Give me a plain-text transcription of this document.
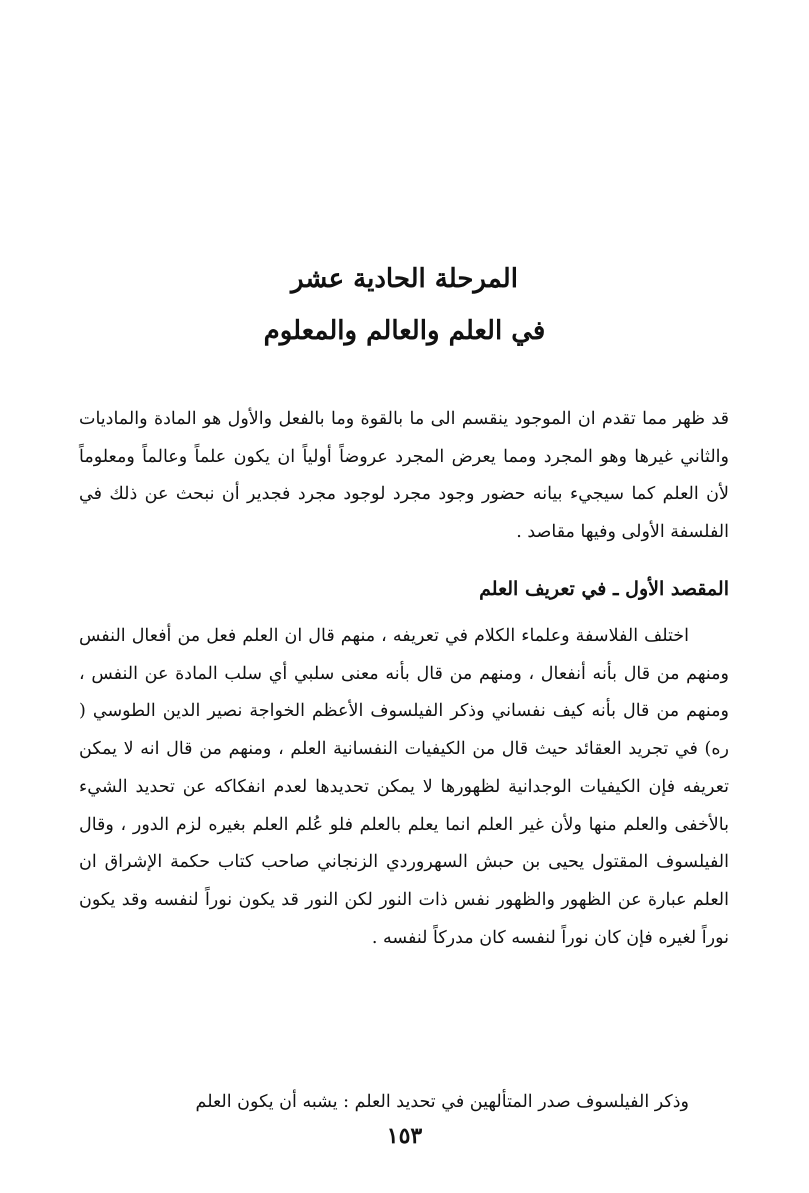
المرحلة الحادية عشر
في العلم والعالم والمعلوم

قد ظهر مما تقدم ان الموجود ينقسم الى ما بالقوة وما بالفعل والأول هو المادة والماديات والثاني غيرها وهو المجرد ومما يعرض المجرد عروضاً أولياً ان يكون علماً وعالماً ومعلوماً لأن العلم كما سيجيء بيانه حضور وجود مجرد لوجود مجرد فجدير أن نبحث عن ذلك في الفلسفة الأولى وفيها مقاصد .

المقصد الأول ـ في تعريف العلم

اختلف الفلاسفة وعلماء الكلام في تعريفه ، منهم قال ان العلم فعل من أفعال النفس ومنهم من قال بأنه أنفعال ، ومنهم من قال بأنه معنى سلبي أي سلب المادة عن النفس ، ومنهم من قال بأنه كيف نفساني وذكر الفيلسوف الأعظم الخواجة نصير الدين الطوسي ( ره) في تجريد العقائد حيث قال من الكيفيات النفسانية العلم ، ومنهم من قال انه لا يمكن تعريفه فإن الكيفيات الوجدانية لظهورها لا يمكن تحديدها لعدم انفكاكه عن تحديد الشيء بالأخفى والعلم منها ولأن غير العلم انما يعلم بالعلم فلو عُلم العلم بغيره لزم الدور ، وقال الفيلسوف المقتول يحيى بن حبش السهروردي الزنجاني صاحب كتاب حكمة الإشراق ان العلم عبارة عن الظهور والظهور نفس ذات النور لكن النور قد يكون نوراً لنفسه وقد يكون نوراً لغيره فإن كان نوراً لنفسه كان مدركاً لنفسه .

وذكر الفيلسوف صدر المتألهين في تحديد العلم : يشبه أن يكون العلم

١٥٣
